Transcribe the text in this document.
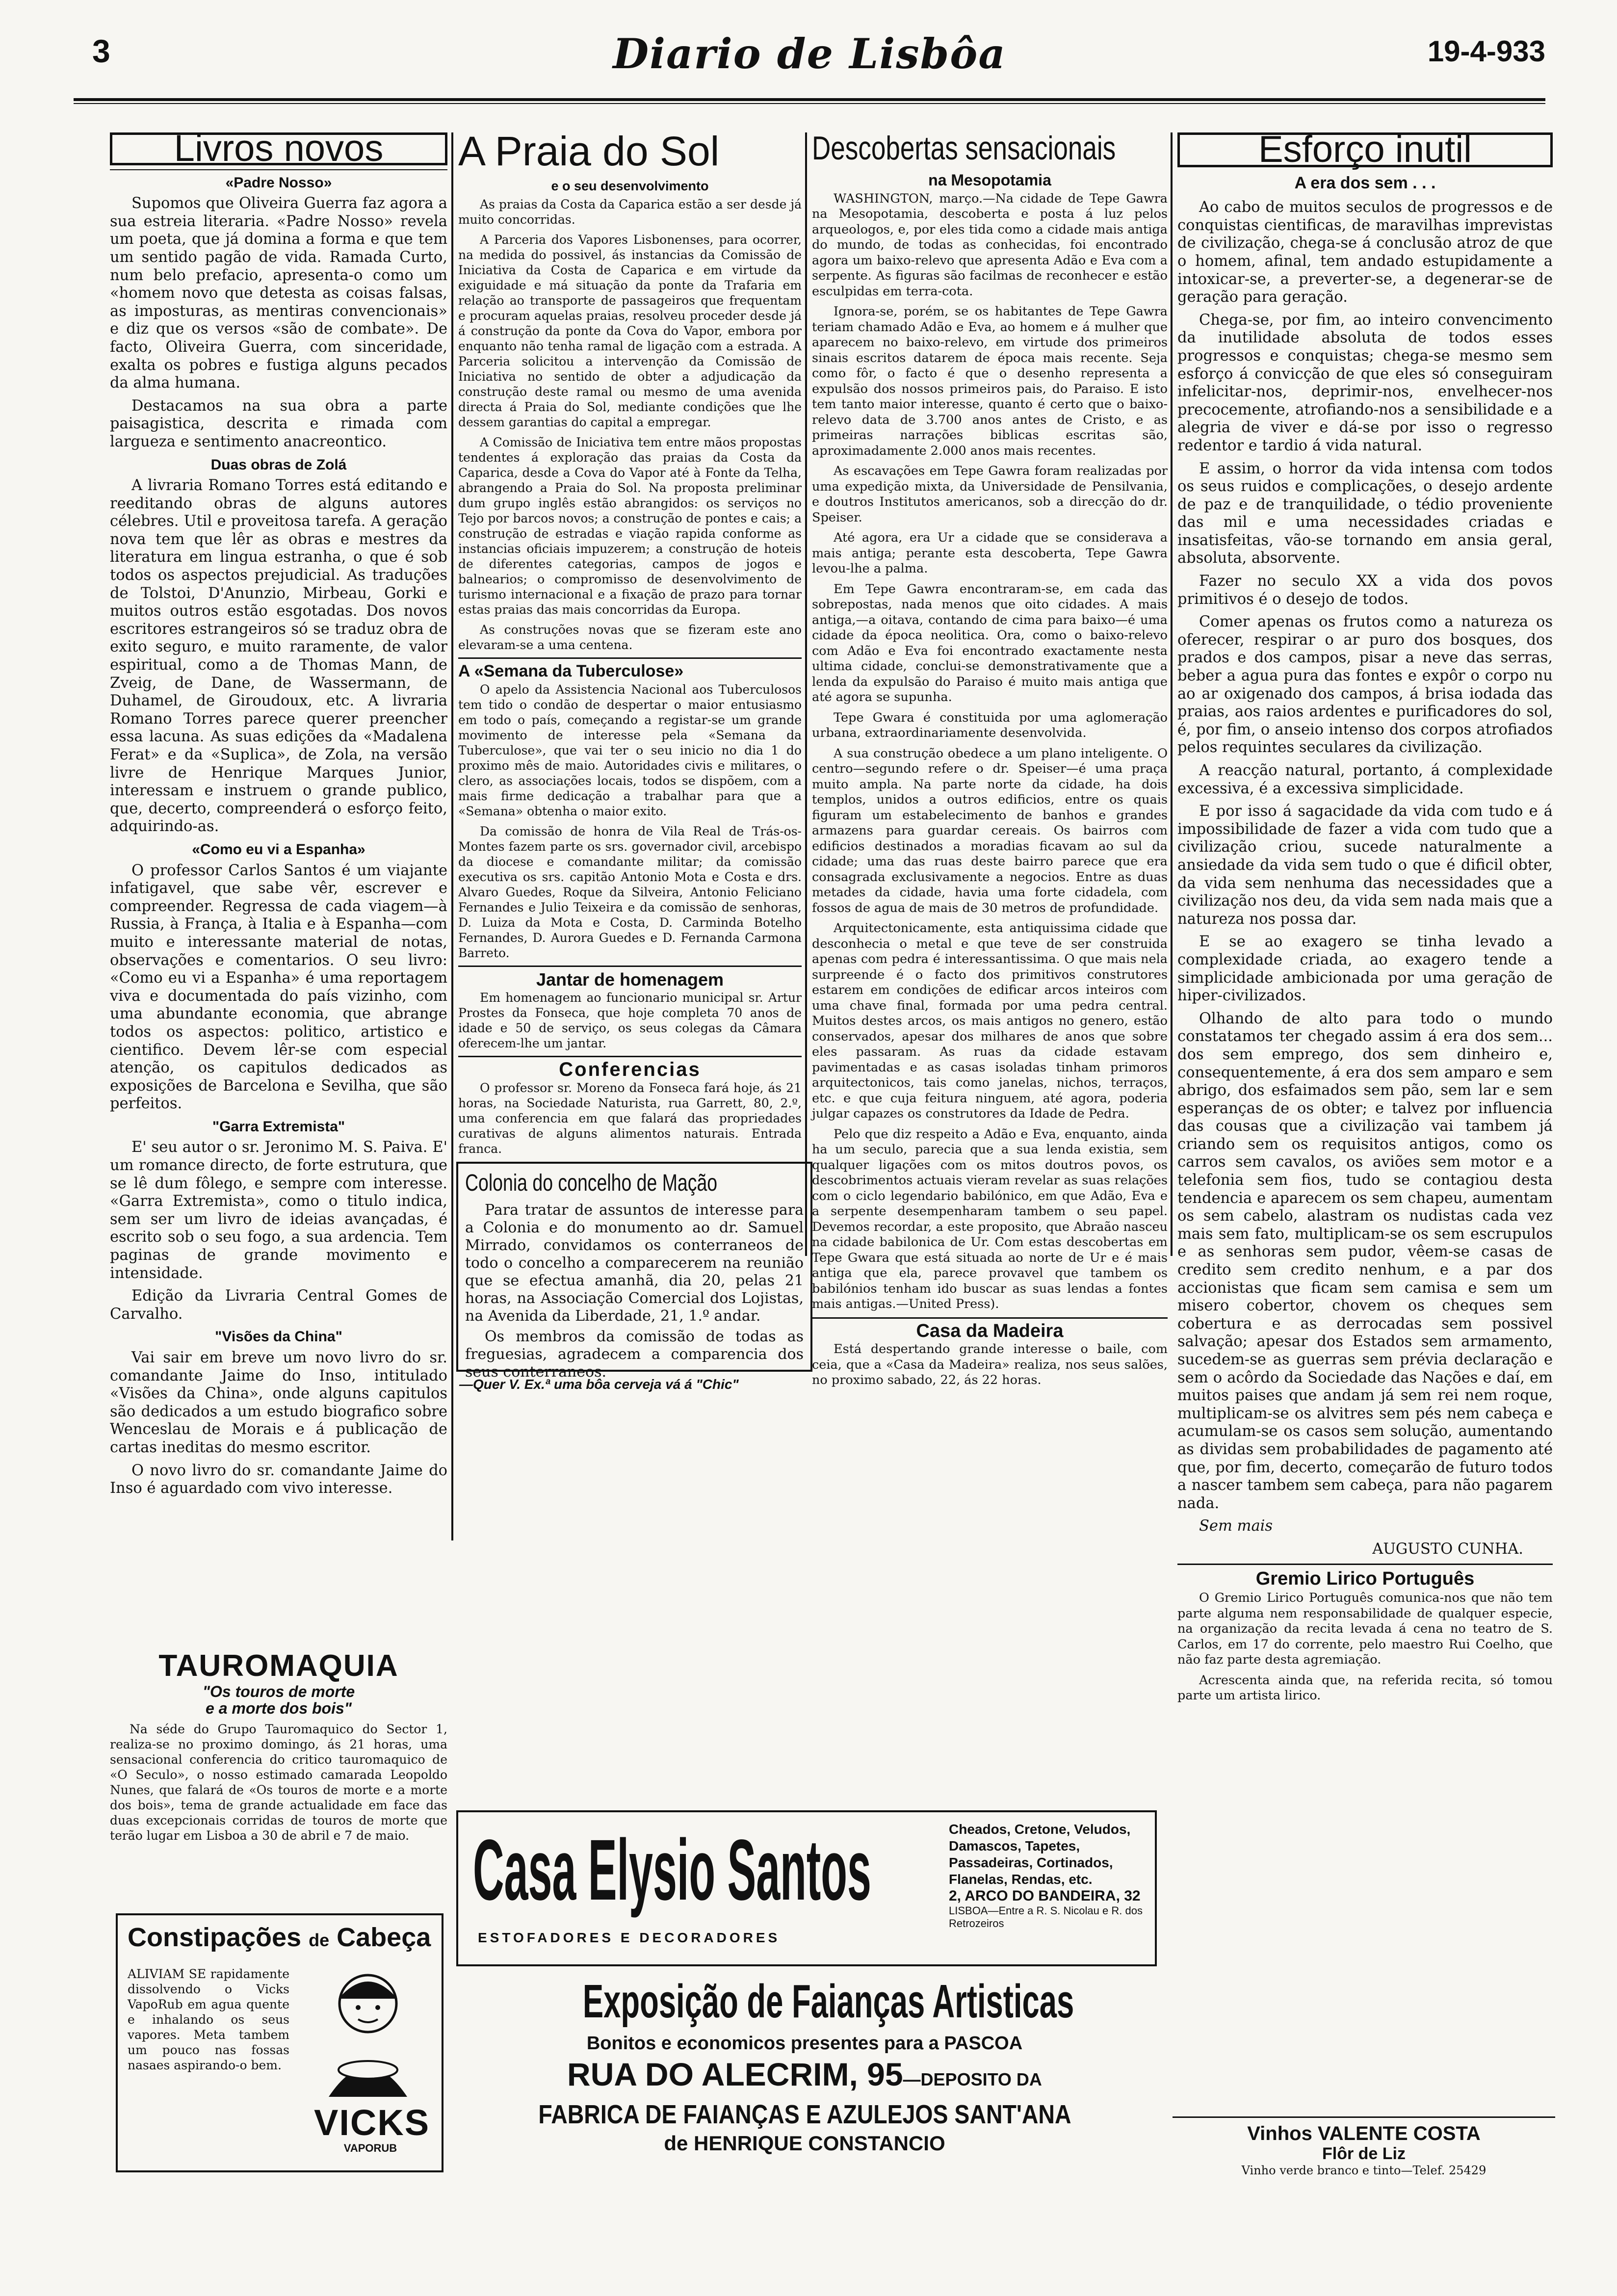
3	Diario de Lisbôa	19-4-933
Livros novos
«Padre Nosso»

Supomos que Oliveira Guerra faz agora a sua estreia literaria. «Padre Nosso» revela um poeta, que já domina a forma e que tem um sentido pagão de vida. Ramada Curto, num belo prefacio, apresenta-o como um «homem novo que detesta as coisas falsas, as imposturas, as mentiras convencionais» e diz que os versos «são de combate». De facto, Oliveira Guerra, com sinceridade, exalta os pobres e fustiga alguns pecados da alma humana.

Destacamos na sua obra a parte paisagistica, descrita e rimada com largueza e sentimento anacreontico.

Duas obras de Zolá

A livraria Romano Torres está editando e reeditando obras de alguns autores célebres. Util e proveitosa tarefa. A geração nova tem que lêr as obras e mestres da literatura em lingua estranha, o que é sob todos os aspectos prejudicial. As traduções de Tolstoi, D'Anunzio, Mirbeau, Gorki e muitos outros estão esgotadas. Dos novos escritores estrangeiros só se traduz obra de exito seguro, e muito raramente, de valor espiritual, como a de Thomas Mann, de Zveig, de Dane, de Wassermann, de Duhamel, de Giroudoux, etc. A livraria Romano Torres parece querer preencher essa lacuna. As suas edições da «Madalena Ferat» e da «Suplica», de Zola, na versão livre de Henrique Marques Junior, interessam e instruem o grande publico, que, decerto, compreenderá o esforço feito, adquirindo-as.

«Como eu vi a Espanha»

O professor Carlos Santos é um viajante infatigavel, que sabe vêr, escrever e compreender. Regressa de cada viagem—à Russia, à França, à Italia e à Espanha—com muito e interessante material de notas, observações e comentarios. O seu livro: «Como eu vi a Espanha» é uma reportagem viva e documentada do país vizinho, com uma abundante economia, que abrange todos os aspectos: politico, artistico e cientifico. Devem lêr-se com especial atenção, os capitulos dedicados as exposições de Barcelona e Sevilha, que são perfeitos.

"Garra Extremista"

E' seu autor o sr. Jeronimo M. S. Paiva. E' um romance directo, de forte estrutura, que se lê dum fôlego, e sempre com interesse. «Garra Extremista», como o titulo indica, sem ser um livro de ideias avançadas, é escrito sob o seu fogo, a sua ardencia. Tem paginas de grande movimento e intensidade.

Edição da Livraria Central Gomes de Carvalho.

"Visões da China"

Vai sair em breve um novo livro do sr. comandante Jaime do Inso, intitulado «Visões da China», onde alguns capitulos são dedicados a um estudo biografico sobre Wenceslau de Morais e á publicação de cartas ineditas do mesmo escritor.

O novo livro do sr. comandante Jaime do Inso é aguardado com vivo interesse.

TAUROMAQUIA
"Os touros de morte
e a morte dos bois"

Na séde do Grupo Tauromaquico do Sector 1, realiza-se no proximo domingo, ás 21 horas, uma sensacional conferencia do critico tauromaquico de «O Seculo», o nosso estimado camarada Leopoldo Nunes, que falará de «Os touros de morte e a morte dos bois», tema de grande actualidade em face das duas excepcionais corridas de touros de morte que terão lugar em Lisboa a 30 de abril e 7 de maio.

Constipações de Cabeça
ALIVIAM SE rapidamente dissolvendo o Vicks VapoRub em agua quente e inhalando os seus vapores. Meta tambem um pouco nas fossas nasaes aspirando-o bem.
VICKS
VAPORUB
A Praia do Sol
e o seu desenvolvimento

As praias da Costa da Caparica estão a ser desde já muito concorridas.

A Parceria dos Vapores Lisbonenses, para ocorrer, na medida do possivel, ás instancias da Comissão de Iniciativa da Costa de Caparica e em virtude da exiguidade e má situação da ponte da Trafaria em relação ao transporte de passageiros que frequentam e procuram aquelas praias, resolveu proceder desde já á construção da ponte da Cova do Vapor, embora por enquanto não tenha ramal de ligação com a estrada. A Parceria solicitou a intervenção da Comissão de Iniciativa no sentido de obter a adjudicação da construção deste ramal ou mesmo de uma avenida directa á Praia do Sol, mediante condições que lhe dessem garantias do capital a empregar.

A Comissão de Iniciativa tem entre mãos propostas tendentes á exploração das praias da Costa da Caparica, desde a Cova do Vapor até à Fonte da Telha, abrangendo a Praia do Sol. Na proposta preliminar dum grupo inglês estão abrangidos: os serviços no Tejo por barcos novos; a construção de pontes e cais; a construção de estradas e viação rapida conforme as instancias oficiais impuzerem; a construção de hoteis de diferentes categorias, campos de jogos e balnearios; o compromisso de desenvolvimento de turismo internacional e a fixação de prazo para tornar estas praias das mais concorridas da Europa.

As construções novas que se fizeram este ano elevaram-se a uma centena.

A «Semana da Tuberculose»

O apelo da Assistencia Nacional aos Tuberculosos tem tido o condão de despertar o maior entusiasmo em todo o país, começando a registar-se um grande movimento de interesse pela «Semana da Tuberculose», que vai ter o seu inicio no dia 1 do proximo mês de maio. Autoridades civis e militares, o clero, as associações locais, todos se dispõem, com a mais firme dedicação a trabalhar para que a «Semana» obtenha o maior exito.

Da comissão de honra de Vila Real de Trás-os-Montes fazem parte os srs. governador civil, arcebispo da diocese e comandante militar; da comissão executiva os srs. capitão Antonio Mota e Costa e drs. Alvaro Guedes, Roque da Silveira, Antonio Feliciano Fernandes e Julio Teixeira e da comissão de senhoras, D. Luiza da Mota e Costa, D. Carminda Botelho Fernandes, D. Aurora Guedes e D. Fernanda Carmona Barreto.

Jantar de homenagem

Em homenagem ao funcionario municipal sr. Artur Prostes da Fonseca, que hoje completa 70 anos de idade e 50 de serviço, os seus colegas da Câmara oferecem-lhe um jantar.

Conferencias

O professor sr. Moreno da Fonseca fará hoje, ás 21 horas, na Sociedade Naturista, rua Garrett, 80, 2.º, uma conferencia em que falará das propriedades curativas de alguns alimentos naturais. Entrada franca.

Colonia do concelho de Mação

Para tratar de assuntos de interesse para a Colonia e do monumento ao dr. Samuel Mirrado, convidamos os conterraneos de todo o concelho a comparecerem na reunião que se efectua amanhã, dia 20, pelas 21 horas, na Associação Comercial dos Lojistas, na Avenida da Liberdade, 21, 1.º andar.

Os membros da comissão de todas as freguesias, agradecem a comparencia dos seus conterraneos.

—Quer V. Ex.ª uma bôa cerveja vá á "Chic"
Descobertas sensacionais
na Mesopotamia

WASHINGTON, março.—Na cidade de Tepe Gawra na Mesopotamia, descoberta e posta á luz pelos arqueologos, e, por eles tida como a cidade mais antiga do mundo, de todas as conhecidas, foi encontrado agora um baixo-relevo que apresenta Adão e Eva com a serpente. As figuras são facilmas de reconhecer e estão esculpidas em terra-cota.

Ignora-se, porém, se os habitantes de Tepe Gawra teriam chamado Adão e Eva, ao homem e á mulher que aparecem no baixo-relevo, em virtude dos primeiros sinais escritos datarem de época mais recente. Seja como fôr, o facto é que o desenho representa a expulsão dos nossos primeiros pais, do Paraiso. E isto tem tanto maior interesse, quanto é certo que o baixo-relevo data de 3.700 anos antes de Cristo, e as primeiras narrações biblicas escritas são, aproximadamente 2.000 anos mais recentes.

As escavações em Tepe Gawra foram realizadas por uma expedição mixta, da Universidade de Pensilvania, e doutros Institutos americanos, sob a direcção do dr. Speiser.

Até agora, era Ur a cidade que se considerava a mais antiga; perante esta descoberta, Tepe Gawra levou-lhe a palma.

Em Tepe Gawra encontraram-se, em cada das sobrepostas, nada menos que oito cidades. A mais antiga,—a oitava, contando de cima para baixo—é uma cidade da época neolitica. Ora, como o baixo-relevo com Adão e Eva foi encontrado exactamente nesta ultima cidade, conclui-se demonstrativamente que a lenda da expulsão do Paraiso é muito mais antiga que até agora se supunha.

Tepe Gwara é constituida por uma aglomeração urbana, extraordinariamente desenvolvida.

A sua construção obedece a um plano inteligente. O centro—segundo refere o dr. Speiser—é uma praça muito ampla. Na parte norte da cidade, ha dois templos, unidos a outros edificios, entre os quais figuram um estabelecimento de banhos e grandes armazens para guardar cereais. Os bairros com edificios destinados a moradias ficavam ao sul da cidade; uma das ruas deste bairro parece que era consagrada exclusivamente a negocios. Entre as duas metades da cidade, havia uma forte cidadela, com fossos de agua de mais de 30 metros de profundidade.

Arquitectonicamente, esta antiquissima cidade que desconhecia o metal e que teve de ser construida apenas com pedra é interessantissima. O que mais nela surpreende é o facto dos primitivos construtores estarem em condições de edificar arcos inteiros com uma chave final, formada por uma pedra central. Muitos destes arcos, os mais antigos no genero, estão conservados, apesar dos milhares de anos que sobre eles passaram. As ruas da cidade estavam pavimentadas e as casas isoladas tinham primoros arquitectonicos, tais como janelas, nichos, terraços, etc. e que cuja feitura ninguem, até agora, poderia julgar capazes os construtores da Idade de Pedra.

Pelo que diz respeito a Adão e Eva, enquanto, ainda ha um seculo, parecia que a sua lenda existia, sem qualquer ligações com os mitos doutros povos, os descobrimentos actuais vieram revelar as suas relações com o ciclo legendario babilónico, em que Adão, Eva e a serpente desempenharam tambem o seu papel. Devemos recordar, a este proposito, que Abraão nasceu na cidade babilonica de Ur. Com estas descobertas em Tepe Gwara que está situada ao norte de Ur e é mais antiga que ela, parece provavel que tambem os babilónios tenham ido buscar as suas lendas a fontes mais antigas.—United Press).

Casa da Madeira

Está despertando grande interesse o baile, com ceia, que a «Casa da Madeira» realiza, nos seus salões, no proximo sabado, 22, ás 22 horas.

Esforço inutil
A era dos sem . . .

Ao cabo de muitos seculos de progressos e de conquistas cientificas, de maravilhas imprevistas de civilização, chega-se á conclusão atroz de que o homem, afinal, tem andado estupidamente a intoxicar-se, a preverter-se, a degenerar-se de geração para geração.

Chega-se, por fim, ao inteiro convencimento da inutilidade absoluta de todos esses progressos e conquistas; chega-se mesmo sem esforço á convicção de que eles só conseguiram infelicitar-nos, deprimir-nos, envelhecer-nos precocemente, atrofiando-nos a sensibilidade e a alegria de viver e dá-se por isso o regresso redentor e tardio á vida natural.

E assim, o horror da vida intensa com todos os seus ruidos e complicações, o desejo ardente de paz e de tranquilidade, o tédio proveniente das mil e uma necessidades criadas e insatisfeitas, vão-se tornando em ansia geral, absoluta, absorvente.

Fazer no seculo XX a vida dos povos primitivos é o desejo de todos.

Comer apenas os frutos como a natureza os oferecer, respirar o ar puro dos bosques, dos prados e dos campos, pisar a neve das serras, beber a agua pura das fontes e expôr o corpo nu ao ar oxigenado dos campos, á brisa iodada das praias, aos raios ardentes e purificadores do sol, é, por fim, o anseio intenso dos corpos atrofiados pelos requintes seculares da civilização.

A reacção natural, portanto, á complexidade excessiva, é a excessiva simplicidade.

E por isso á sagacidade da vida com tudo e á impossibilidade de fazer a vida com tudo que a civilização criou, sucede naturalmente a ansiedade da vida sem tudo o que é dificil obter, da vida sem nenhuma das necessidades que a civilização nos deu, da vida sem nada mais que a natureza nos possa dar.

E se ao exagero se tinha levado a complexidade criada, ao exagero tende a simplicidade ambicionada por uma geração de hiper-civilizados.

Olhando de alto para todo o mundo constatamos ter chegado assim á era dos sem... dos sem emprego, dos sem dinheiro e, consequentemente, á era dos sem amparo e sem abrigo, dos esfaimados sem pão, sem lar e sem esperanças de os obter; e talvez por influencia das cousas que a civilização vai tambem já criando sem os requisitos antigos, como os carros sem cavalos, os aviões sem motor e a telefonia sem fios, tudo se contagiou desta tendencia e aparecem os sem chapeu, aumentam os sem cabelo, alastram os nudistas cada vez mais sem fato, multiplicam-se os sem escrupulos e as senhoras sem pudor, vêem-se casas de credito sem credito nenhum, e a par dos accionistas que ficam sem camisa e sem um misero cobertor, chovem os cheques sem cobertura e as derrocadas sem possivel salvação; apesar dos Estados sem armamento, sucedem-se as guerras sem prévia declaração e sem o acôrdo da Sociedade das Nações e daí, em muitos paises que andam já sem rei nem roque, multiplicam-se os alvitres sem pés nem cabeça e acumulam-se os casos sem solução, aumentando as dividas sem probabilidades de pagamento até que, por fim, decerto, começarão de futuro todos a nascer tambem sem cabeça, para não pagarem nada.

Sem mais

AUGUSTO CUNHA.
Gremio Lirico Português

O Gremio Lirico Português comunica-nos que não tem parte alguma nem responsabilidade de qualquer especie, na organização da recita levada á cena no teatro de S. Carlos, em 17 do corrente, pelo maestro Rui Coelho, que não faz parte desta agremiação.

Acrescenta ainda que, na referida recita, só tomou parte um artista lirico.

Casa Elysio Santos
ESTOFADORES E DECORADORES
Cheados, Cretone, Veludos,
Damascos, Tapetes, Passadeiras, Cortinados, Flanelas, Rendas, etc.
2, ARCO DO BANDEIRA, 32
LISBOA—Entre a R. S. Nicolau e R. dos Retrozeiros
Exposição de Faianças Artisticas
Bonitos e economicos presentes para a PASCOA
RUA DO ALECRIM, 95—DEPOSITO DA
FABRICA DE FAIANÇAS E AZULEJOS SANT'ANA
de HENRIQUE CONSTANCIO	Vinhos VALENTE COSTA
Flôr de Liz
Vinho verde branco e tinto—Telef. 25429
